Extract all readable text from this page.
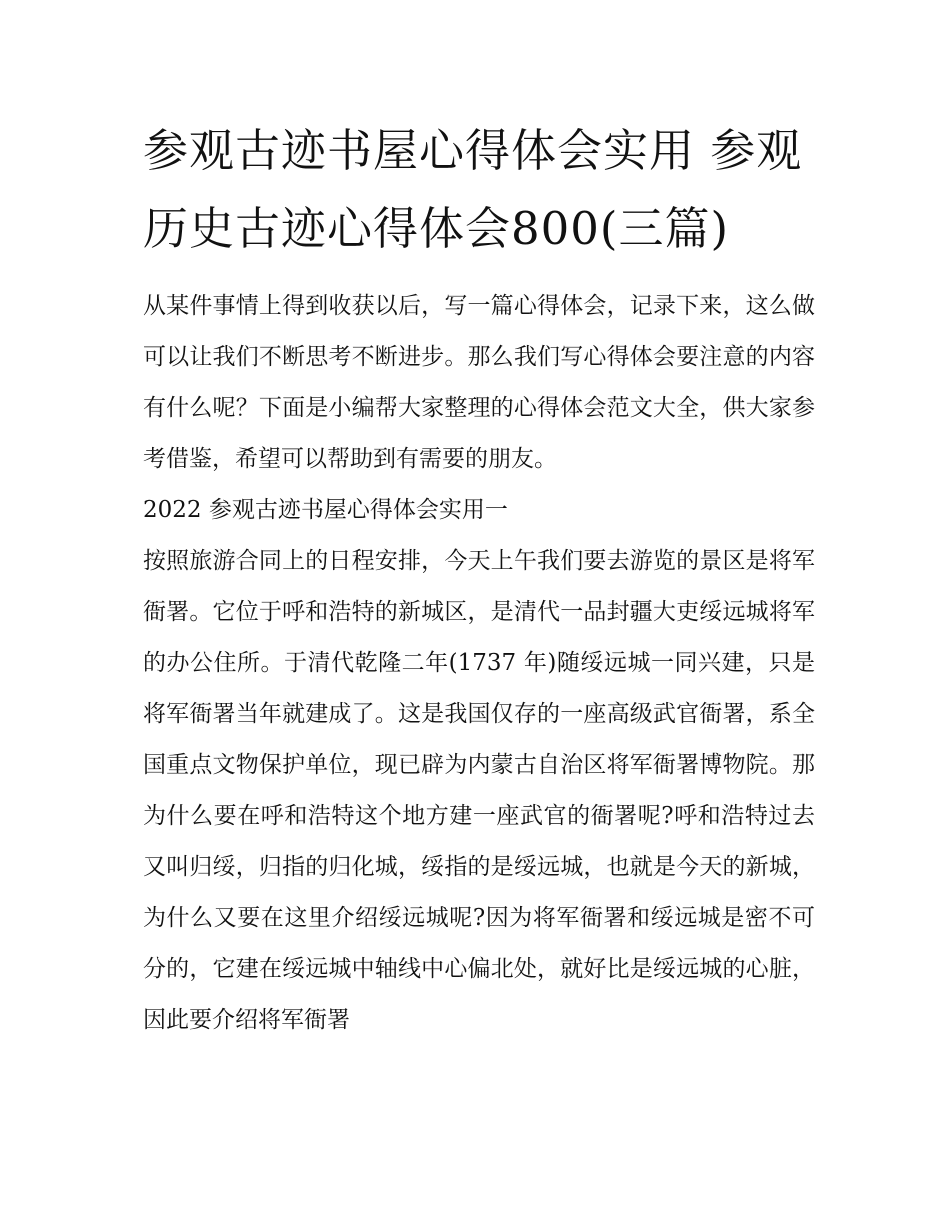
参观古迹书屋心得体会实用 参观历史古迹心得体会800(三篇)

从某件事情上得到收获以后，写一篇心得体会，记录下来，这么做可以让我们不断思考不断进步。那么我们写心得体会要注意的内容有什么呢？下面是小编帮大家整理的心得体会范文大全，供大家参考借鉴，希望可以帮助到有需要的朋友。

2022 参观古迹书屋心得体会实用一

按照旅游合同上的日程安排，今天上午我们要去游览的景区是将军衙署。它位于呼和浩特的新城区，是清代一品封疆大吏绥远城将军的办公住所。于清代乾隆二年(1737 年)随绥远城一同兴建，只是将军衙署当年就建成了。这是我国仅存的一座高级武官衙署，系全国重点文物保护单位，现已辟为内蒙古自治区将军衙署博物院。那为什么要在呼和浩特这个地方建一座武官的衙署呢?呼和浩特过去又叫归绥，归指的归化城，绥指的是绥远城，也就是今天的新城，为什么又要在这里介绍绥远城呢?因为将军衙署和绥远城是密不可分的，它建在绥远城中轴线中心偏北处，就好比是绥远城的心脏，因此要介绍将军衙署
